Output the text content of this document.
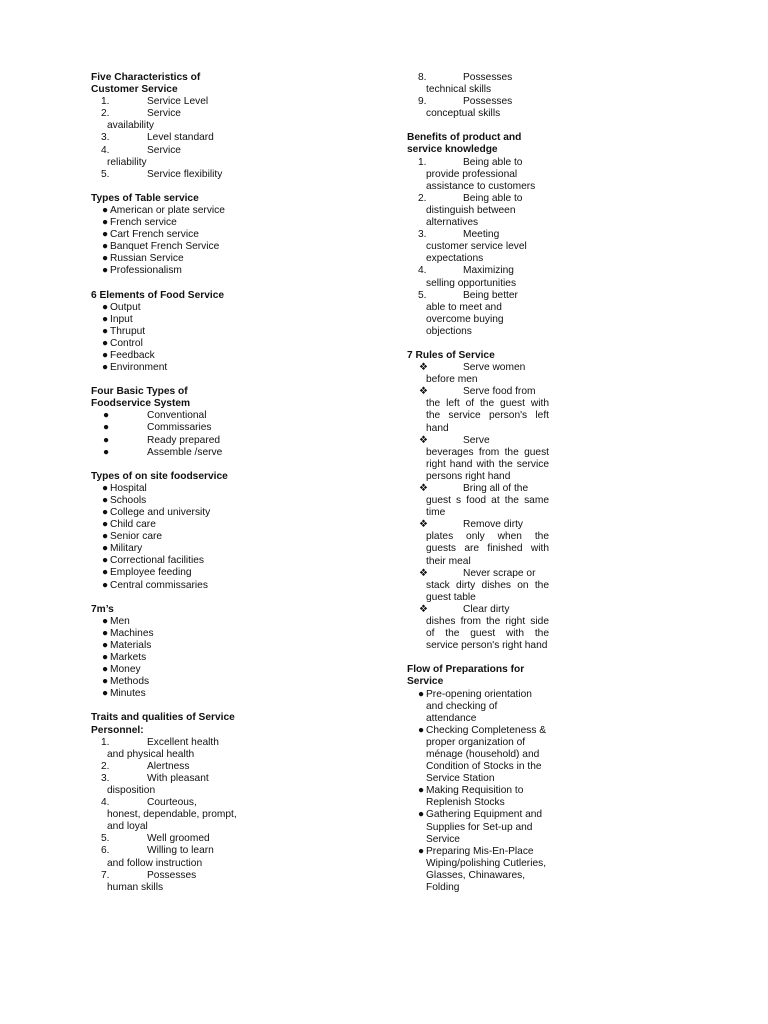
Five Characteristics of Customer Service
1.	Service Level
2.	Service
availability
3.	Level standard
4.	Service
reliability
5.	Service flexibility
Types of Table service
● American or plate service
● French service
● Cart French service
● Banquet French Service
● Russian Service
● Professionalism
6 Elements of Food Service
● Output
● Input
● Thruput
● Control
● Feedback
● Environment
Four Basic Types of Foodservice System
●	Conventional
●	Commissaries
●	Ready prepared
●	Assemble /serve
Types of on site foodservice
● Hospital
● Schools
● College and university
● Child care
● Senior care
● Military
● Correctional facilities
● Employee feeding
● Central commissaries
7m’s
● Men
● Machines
● Materials
● Markets
● Money
● Methods
● Minutes
Traits and qualities of Service Personnel:
1.	Excellent health
and physical health
2.	Alertness
3.	With pleasant
disposition
4.	Courteous,
honest, dependable, prompt, and loyal
5.	Well groomed
6.	Willing to learn
and follow instruction
7.	Possesses
human skills
8.	Possesses
technical skills
9.	Possesses
conceptual skills
Benefits of product and service knowledge
1.	Being able to
provide professional assistance to customers
2.	Being able to
distinguish between alternatives
3.	Meeting
customer service level expectations
4.	Maximizing
selling opportunities
5.	Being better
able to meet and overcome buying objections
7 Rules of Service
❖	Serve women
before men
❖	Serve food from
the left of the guest with the service person's left hand
❖	Serve
beverages from the guest right hand with the service persons right hand
❖	Bring all of the
guest s food at the same time
❖	Remove dirty
plates only when the guests are finished with their meal
❖	Never scrape or
stack dirty dishes on the guest table
❖	Clear dirty
dishes from the right side of the guest with the service person's right hand
Flow of Preparations for Service
● Pre-opening orientation and checking of attendance
● Checking Completeness & proper organization of ménage (household) and Condition of Stocks in the Service Station
● Making Requisition to Replenish Stocks
● Gathering Equipment and Supplies for Set-up and Service
● Preparing Mis-En-Place Wiping/polishing Cutleries, Glasses, Chinawares, Folding
